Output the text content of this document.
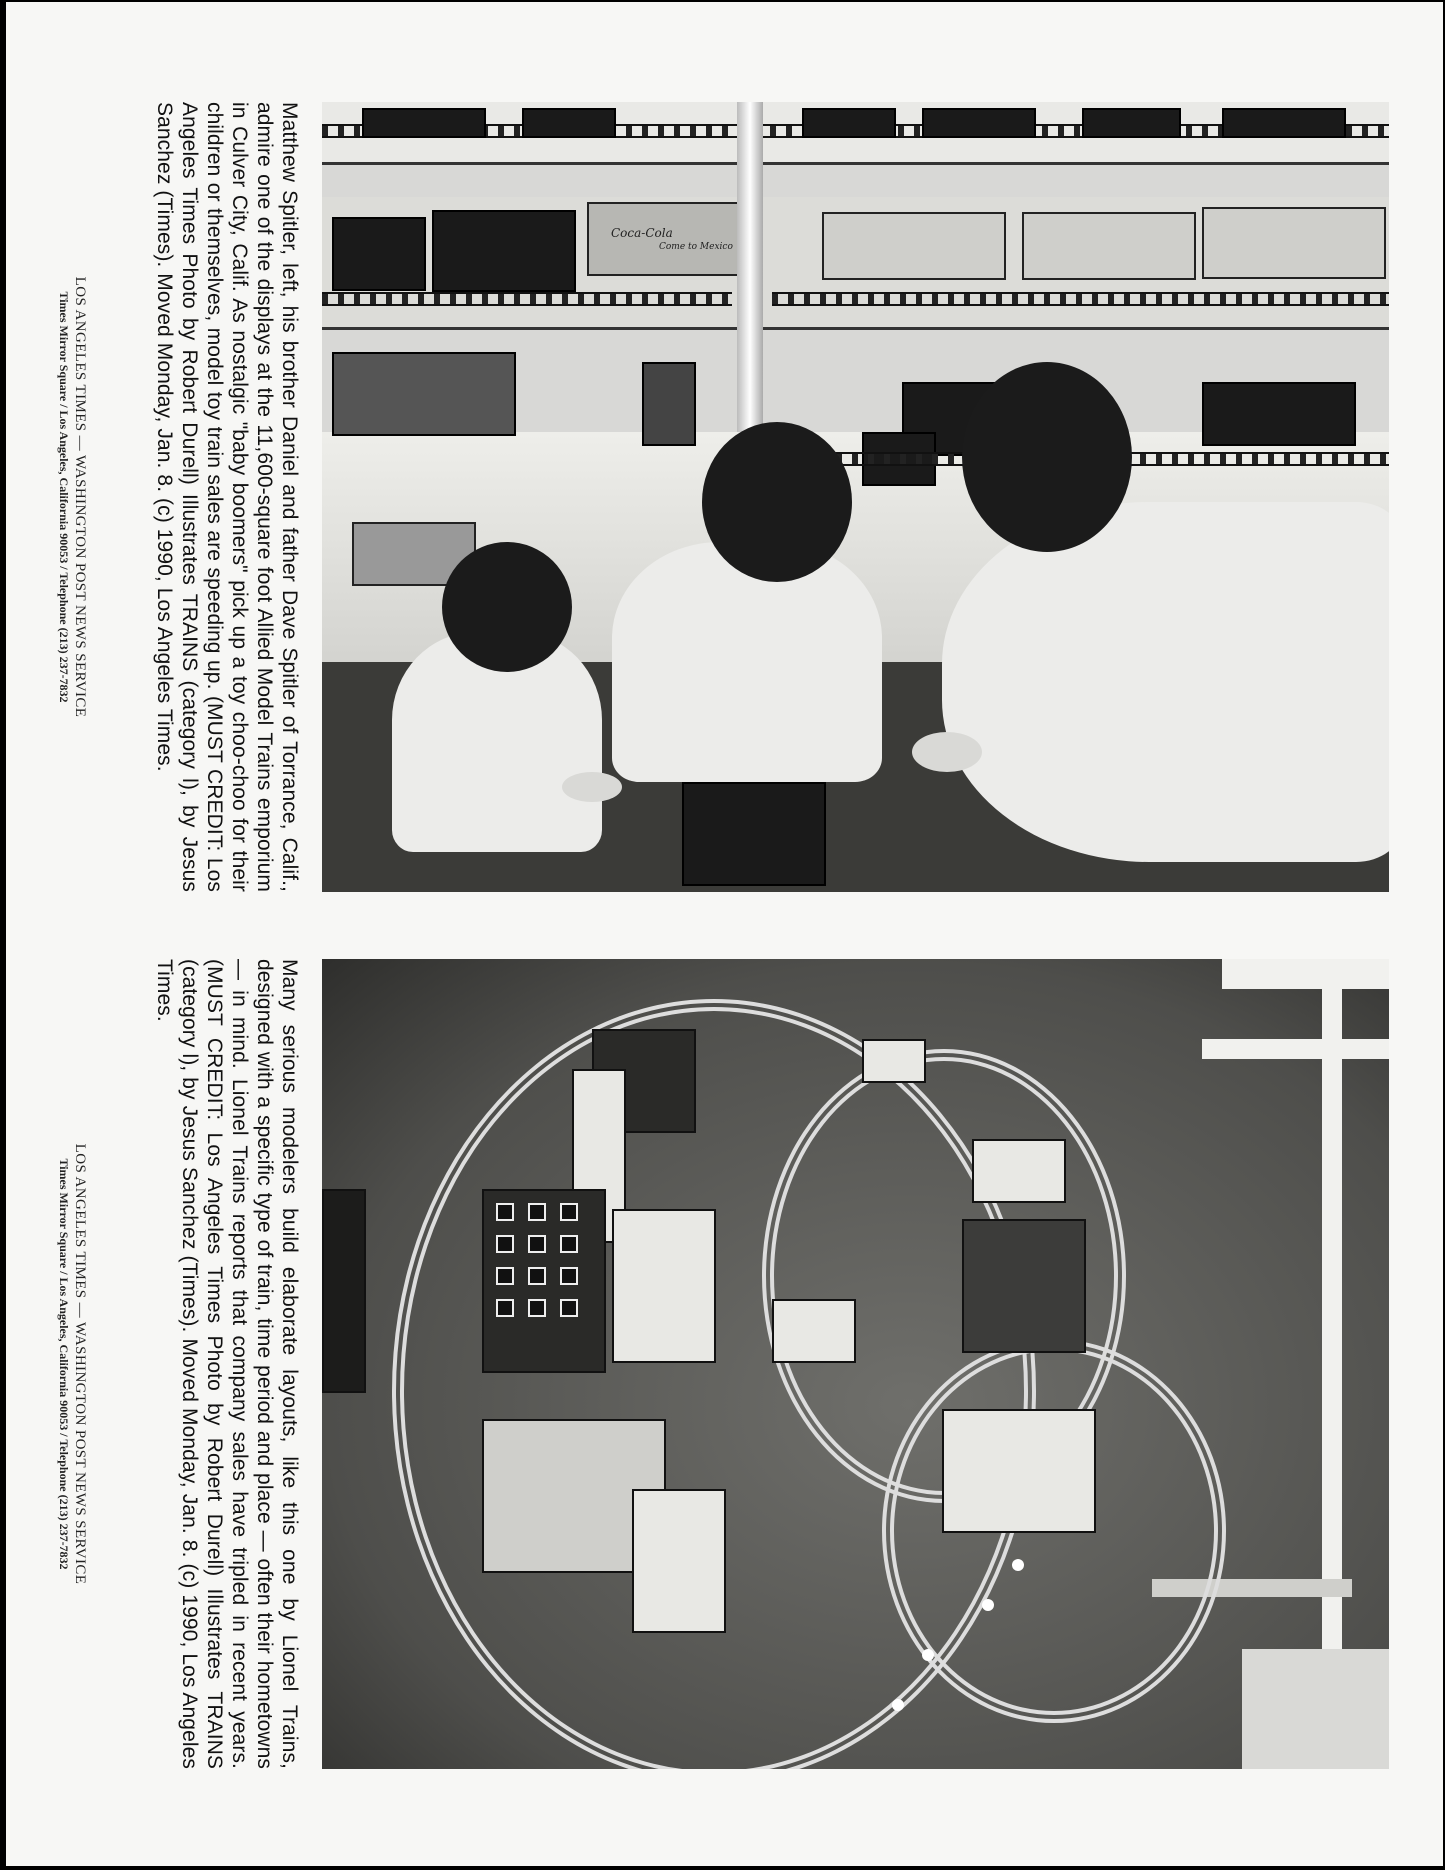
Coca-Cola
Come to Mexico
Matthew Spitler, left, his brother Daniel and father Dave Spitler of Torrance, Calif., admire one of the displays at the 11,600-square foot Allied Model Trains emporium in Culver City, Calif. As nostalgic "baby boomers" pick up a toy choo-choo for their children or themselves, model toy train sales are speeding up. (MUST CREDIT: Los Angeles Times Photo by Robert Durell) Illustrates TRAINS (category l), by Jesus Sanchez (Times). Moved Monday, Jan. 8. (c) 1990, Los Angeles Times.
LOS ANGELES TIMES — WASHINGTON POST NEWS SERVICE
Times Mirror Square / Los Angeles, California 90053 / Telephone (213) 237-7832
Many serious modelers build elaborate layouts, like this one by Lionel Trains, designed with a specific type of train, time period and place — often their hometowns — in mind. Lionel Trains reports that company sales have tripled in recent years. (MUST CREDIT: Los Angeles Times Photo by Robert Durell) Illustrates TRAINS (category l), by Jesus Sanchez (Times). Moved Monday, Jan. 8. (c) 1990, Los Angeles Times.
LOS ANGELES TIMES — WASHINGTON POST NEWS SERVICE
Times Mirror Square / Los Angeles, California 90053 / Telephone (213) 237-7832
